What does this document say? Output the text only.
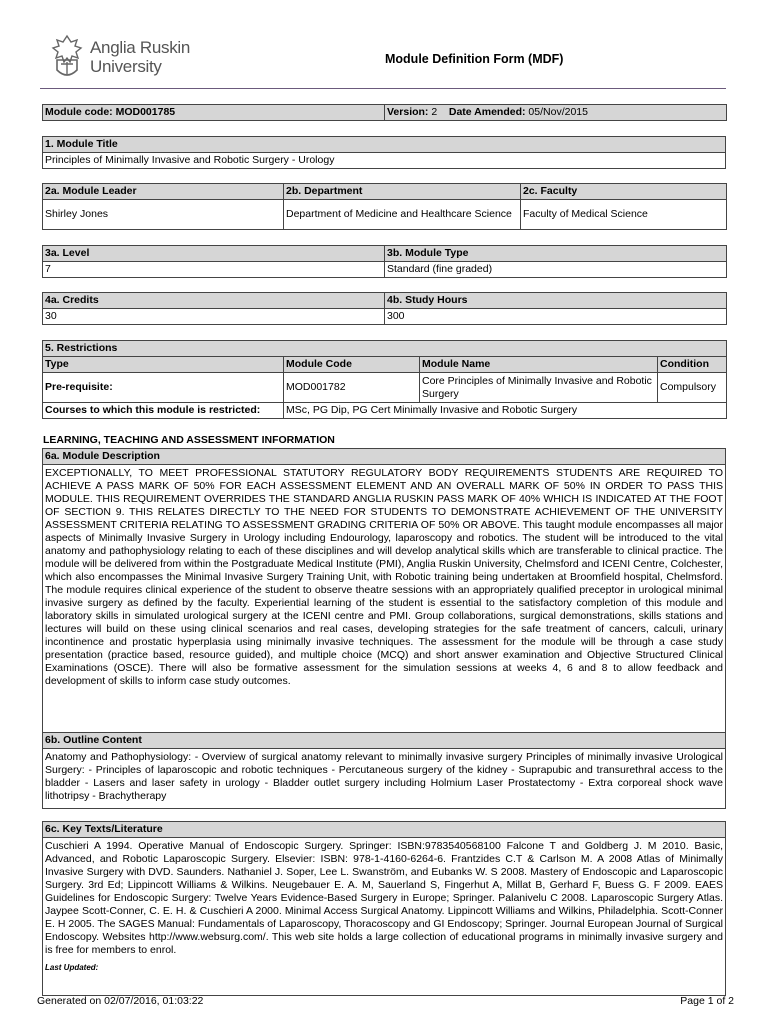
Anglia Ruskin
University	Module Definition Form (MDF)
Module code: MOD001785	Version: 2 Date Amended: 05/Nov/2015
1. Module Title
Principles of Minimally Invasive and Robotic Surgery - Urology
2a. Module Leader	2b. Department	2c. Faculty
Shirley Jones	Department of Medicine and Healthcare Science	Faculty of Medical Science
3a. Level	3b. Module Type
7	Standard (fine graded)
4a. Credits	4b. Study Hours
30	300
5. Restrictions			
Type	Module Code	Module Name	Condition
Pre-requisite:	MOD001782	Core Principles of Minimally Invasive and Robotic Surgery	Compulsory
Courses to which this module is restricted:	MSc, PG Dip, PG Cert Minimally Invasive and Robotic Surgery		
LEARNING, TEACHING AND ASSESSMENT INFORMATION
6a. Module Description
EXCEPTIONALLY, TO MEET PROFESSIONAL STATUTORY REGULATORY BODY REQUIREMENTS STUDENTS ARE REQUIRED TO ACHIEVE A PASS MARK OF 50% FOR EACH ASSESSMENT ELEMENT AND AN OVERALL MARK OF 50% IN ORDER TO PASS THIS MODULE. THIS REQUIREMENT OVERRIDES THE STANDARD ANGLIA RUSKIN PASS MARK OF 40% WHICH IS INDICATED AT THE FOOT OF SECTION 9. THIS RELATES DIRECTLY TO THE NEED FOR STUDENTS TO DEMONSTRATE ACHIEVEMENT OF THE UNIVERSITY ASSESSMENT CRITERIA RELATING TO ASSESSMENT GRADING CRITERIA OF 50% OR ABOVE. This taught module encompasses all major aspects of Minimally Invasive Surgery in Urology including Endourology, laparoscopy and robotics. The student will be introduced to the vital anatomy and pathophysiology relating to each of these disciplines and will develop analytical skills which are transferable to clinical practice. The module will be delivered from within the Postgraduate Medical Institute (PMI), Anglia Ruskin University, Chelmsford and ICENI Centre, Colchester, which also encompasses the Minimal Invasive Surgery Training Unit, with Robotic training being undertaken at Broomfield hospital, Chelmsford. The module requires clinical experience of the student to observe theatre sessions with an appropriately qualified preceptor in urological minimal invasive surgery as defined by the faculty. Experiential learning of the student is essential to the satisfactory completion of this module and laboratory skills in simulated urological surgery at the ICENI centre and PMI. Group collaborations, surgical demonstrations, skills stations and lectures will build on these using clinical scenarios and real cases, developing strategies for the safe treatment of cancers, calculi, urinary incontinence and prostatic hyperplasia using minimally invasive techniques. The assessment for the module will be through a case study presentation (practice based, resource guided), and multiple choice (MCQ) and short answer examination and Objective Structured Clinical Examinations (OSCE). There will also be formative assessment for the simulation sessions at weeks 4, 6 and 8 to allow feedback and development of skills to inform case study outcomes.
6b. Outline Content
Anatomy and Pathophysiology: - Overview of surgical anatomy relevant to minimally invasive surgery Principles of minimally invasive Urological Surgery: - Principles of laparoscopic and robotic techniques - Percutaneous surgery of the kidney - Suprapubic and transurethral access to the bladder - Lasers and laser safety in urology - Bladder outlet surgery including Holmium Laser Prostatectomy - Extra corporeal shock wave lithotripsy - Brachytherapy
6c. Key Texts/Literature

Cuschieri A 1994. Operative Manual of Endoscopic Surgery. Springer: ISBN:9783540568100 Falcone T and Goldberg J. M 2010. Basic, Advanced, and Robotic Laparoscopic Surgery. Elsevier: ISBN: 978-1-4160-6264-6. Frantzides C.T & Carlson M. A 2008 Atlas of Minimally Invasive Surgery with DVD. Saunders. Nathaniel J. Soper, Lee L. Swanström, and Eubanks W. S 2008. Mastery of Endoscopic and Laparoscopic Surgery. 3rd Ed; Lippincott Williams & Wilkins. Neugebauer E. A. M, Sauerland S, Fingerhut A, Millat B, Gerhard F, Buess G. F 2009. EAES Guidelines for Endoscopic Surgery: Twelve Years Evidence-Based Surgery in Europe; Springer. Palanivelu C 2008. Laparoscopic Surgery Atlas. Jaypee Scott-Conner, C. E. H. & Cuschieri A 2000. Minimal Access Surgical Anatomy. Lippincott Williams and Wilkins, Philadelphia. Scott-Conner E. H 2005. The SAGES Manual: Fundamentals of Laparoscopy, Thoracoscopy and GI Endoscopy; Springer. Journal European Journal of Surgical Endoscopy. Websites http://www.websurg.com/. This web site holds a large collection of educational programs in minimally invasive surgery and is free for members to enrol.
Last Updated:
Generated on 02/07/2016, 01:03:22	Page 1 of 2
